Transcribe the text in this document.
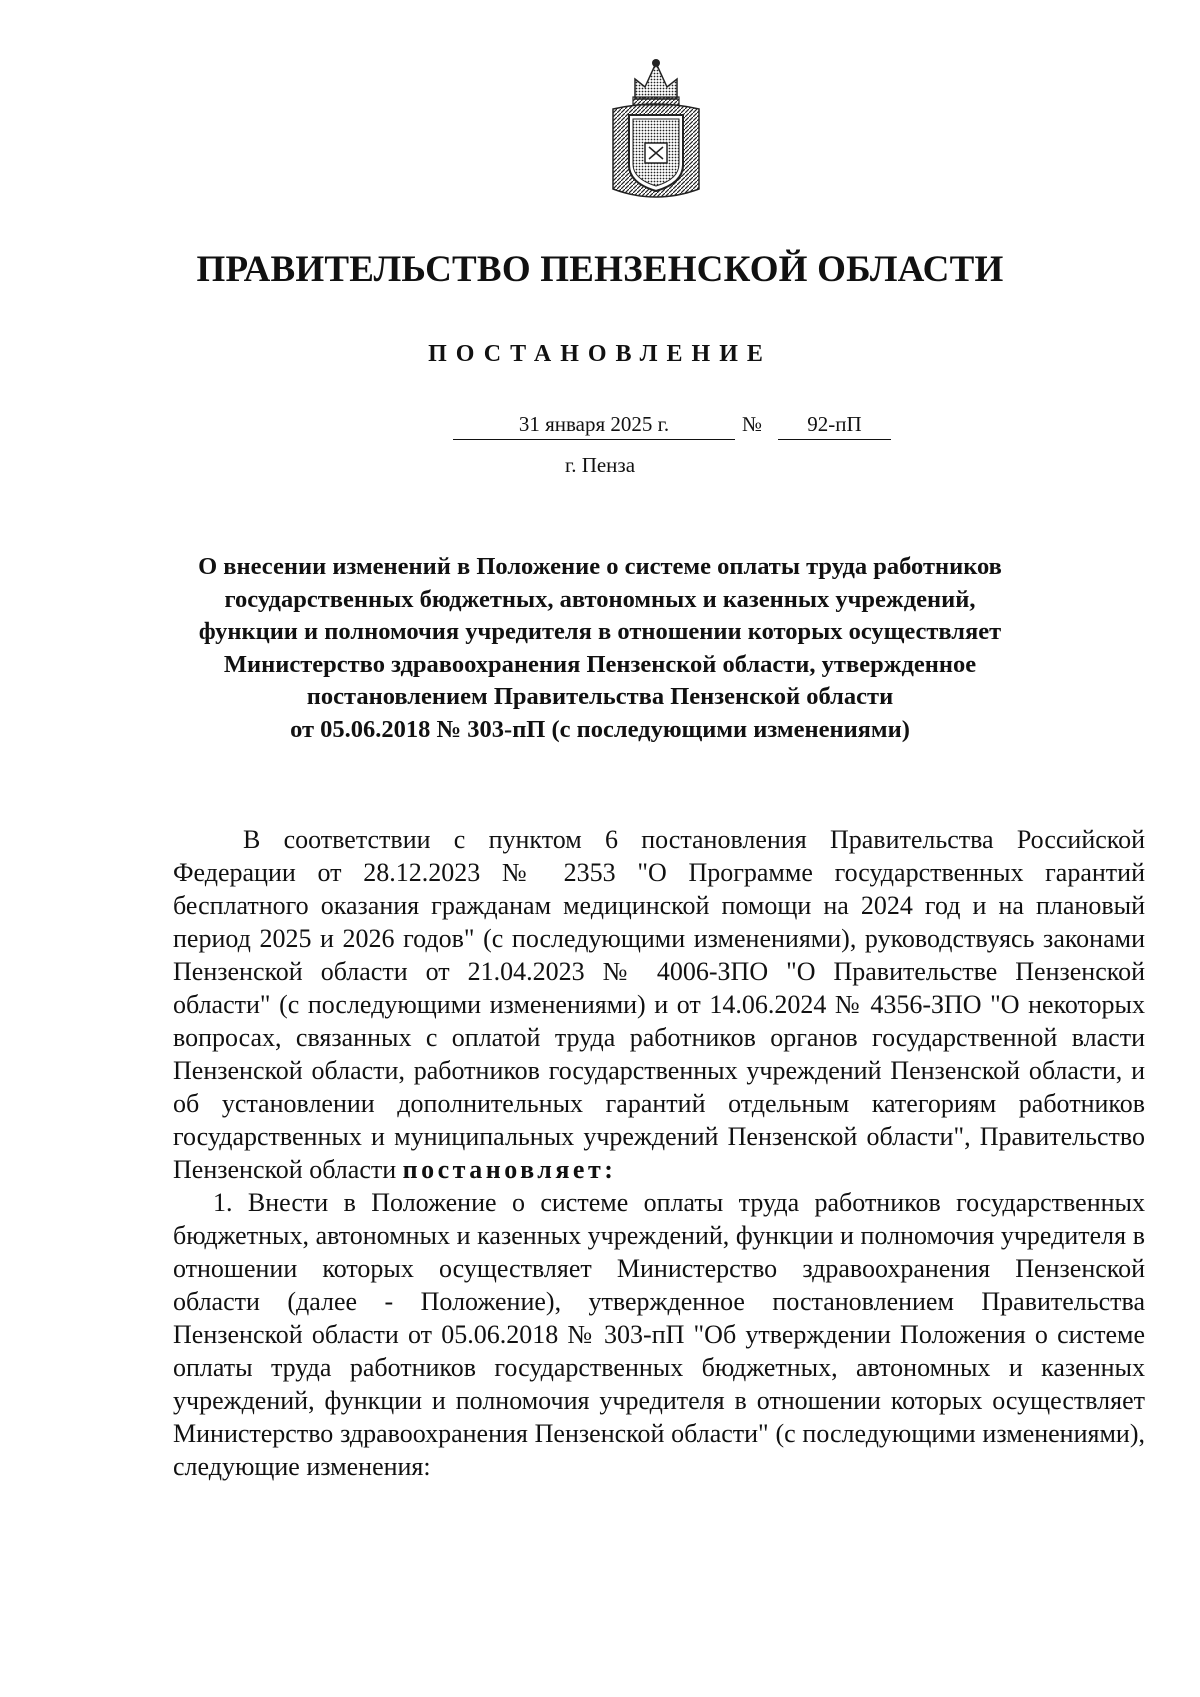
ПРАВИТЕЛЬСТВО ПЕНЗЕНСКОЙ ОБЛАСТИ
ПОСТАНОВЛЕНИЕ
31 января 2025 г.	№	92-пП
г. Пенза
О внесении изменений в Положение о системе оплаты труда работников
государственных бюджетных, автономных и казенных учреждений,
функции и полномочия учредителя в отношении которых осуществляет
Министерство здравоохранения Пензенской области, утвержденное
постановлением Правительства Пензенской области
от 05.06.2018 № 303-пП (с последующими изменениями)

В соответствии с пунктом 6 постановления Правительства Российской Федерации от 28.12.2023 № 2353 "О Программе государственных гарантий бесплатного оказания гражданам медицинской помощи на 2024 год и на плановый период 2025 и 2026 годов" (с последующими изменениями), руководствуясь законами Пензенской области от 21.04.2023 № 4006-ЗПО "О Правительстве Пензенской области" (с последующими изменениями) и от 14.06.2024 № 4356-ЗПО "О некоторых вопросах, связанных с оплатой труда работников органов государственной власти Пензенской области, работников государственных учреждений Пензенской области, и об установлении дополнительных гарантий отдельным категориям работников государственных и муниципальных учреждений Пензенской области", Правительство Пензенской области постановляет:

1. Внести в Положение о системе оплаты труда работников государственных бюджетных, автономных и казенных учреждений, функции и полномочия учредителя в отношении которых осуществляет Министерство здравоохранения Пензенской области (далее - Положение), утвержденное постановлением Правительства Пензенской области от 05.06.2018 № 303-пП "Об утверждении Положения о системе оплаты труда работников государственных бюджетных, автономных и казенных учреждений, функции и полномочия учредителя в отношении которых осуществляет Министерство здравоохранения Пензенской области" (с последующими изменениями), следующие изменения:
